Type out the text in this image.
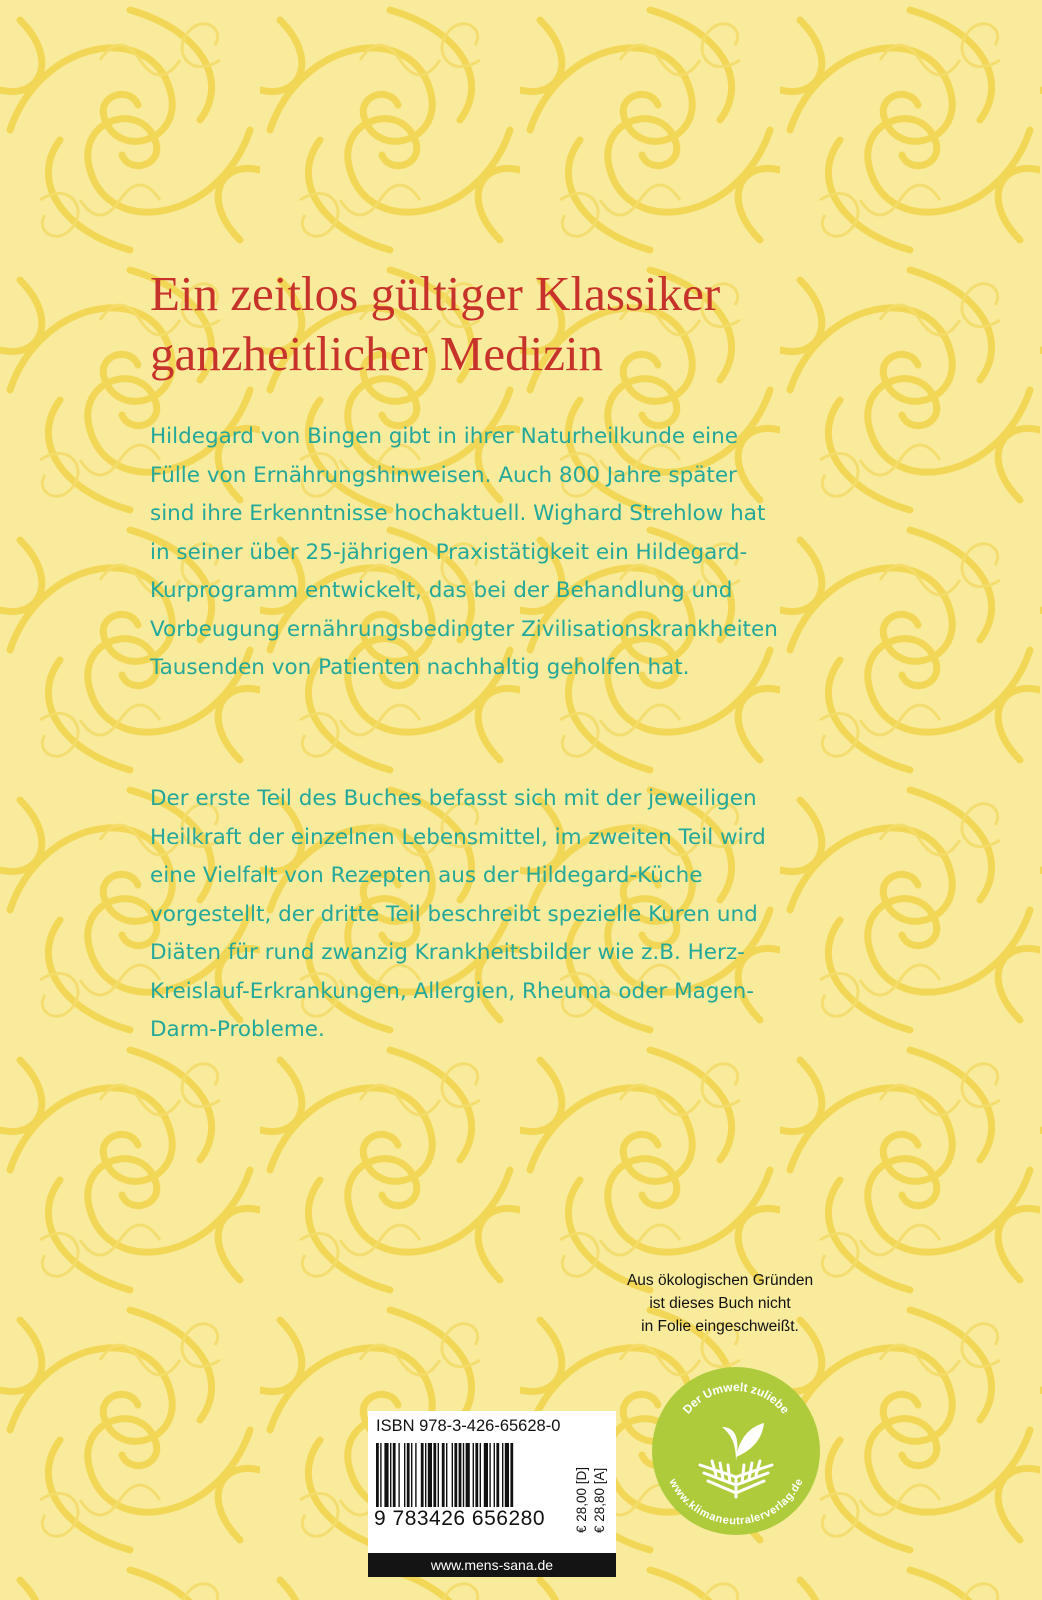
Ein zeitlos gültiger Klassiker
ganzheitlicher Medizin

Hildegard von Bingen gibt in ihrer Naturheilkunde eine
Fülle von Ernährungshinweisen. Auch 800 Jahre später
sind ihre Erkenntnisse hochaktuell. Wighard Strehlow hat
in seiner über 25-jährigen Praxistätigkeit ein Hildegard-
Kurprogramm entwickelt, das bei der Behandlung und
Vorbeugung ernährungsbedingter Zivilisationskrankheiten
Tausenden von Patienten nachhaltig geholfen hat.

Der erste Teil des Buches befasst sich mit der jeweiligen
Heilkraft der einzelnen Lebensmittel, im zweiten Teil wird
eine Vielfalt von Rezepten aus der Hildegard-Küche
vorgestellt, der dritte Teil beschreibt spezielle Kuren und
Diäten für rund zwanzig Krankheitsbilder wie z.B. Herz-
Kreislauf-Erkrankungen, Allergien, Rheuma oder Magen-
Darm-Probleme.

Aus ökologischen Gründen
ist dieses Buch nicht
in Folie eingeschweißt.

Der Umwelt zuliebe
www.klimaneutralerverlag.de

ISBN 978-3-426-65628-0

9 783426 656280 € 28,00 [D] € 28,80 [A]

www.mens-sana.de
